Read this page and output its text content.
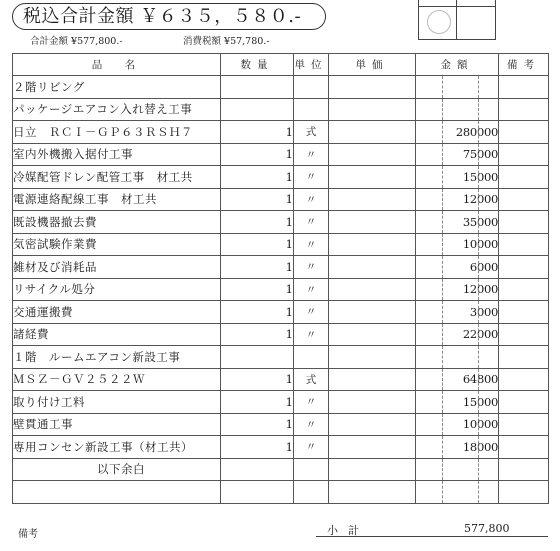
税込合計金額 ￥６３５，５８０.-
合計金額 ¥577,800.-	消費税額 ¥57,780.-
品　名	数量	単位	単価	金額	備考
２階リビング					
パッケージエアコン入れ替え工事					
日立　ＲＣＩ－ＧＰ６３ＲＳＨ７	1	式		280000	
室内外機搬入据付工事	1	〃		75000	
冷媒配管ドレン配管工事　材工共	1	〃		15000	
電源連絡配線工事　材工共	1	〃		12000	
既設機器撤去費	1	〃		35000	
気密試験作業費	1	〃		10000	
雑材及び消耗品	1	〃		6000	
リサイクル処分	1	〃		12000	
交通運搬費	1	〃		3000	
諸経費	1	〃		22000	
１階　ルームエアコン新設工事					
ＭＳＺ－ＧＶ２５２２Ｗ	1	式		64800	
取り付け工料	1	〃		15000	
壁貫通工事	1	〃		10000	
専用コンセン新設工事（材工共）	1	〃		18000	
以下余白					

備考	小計	577,800
